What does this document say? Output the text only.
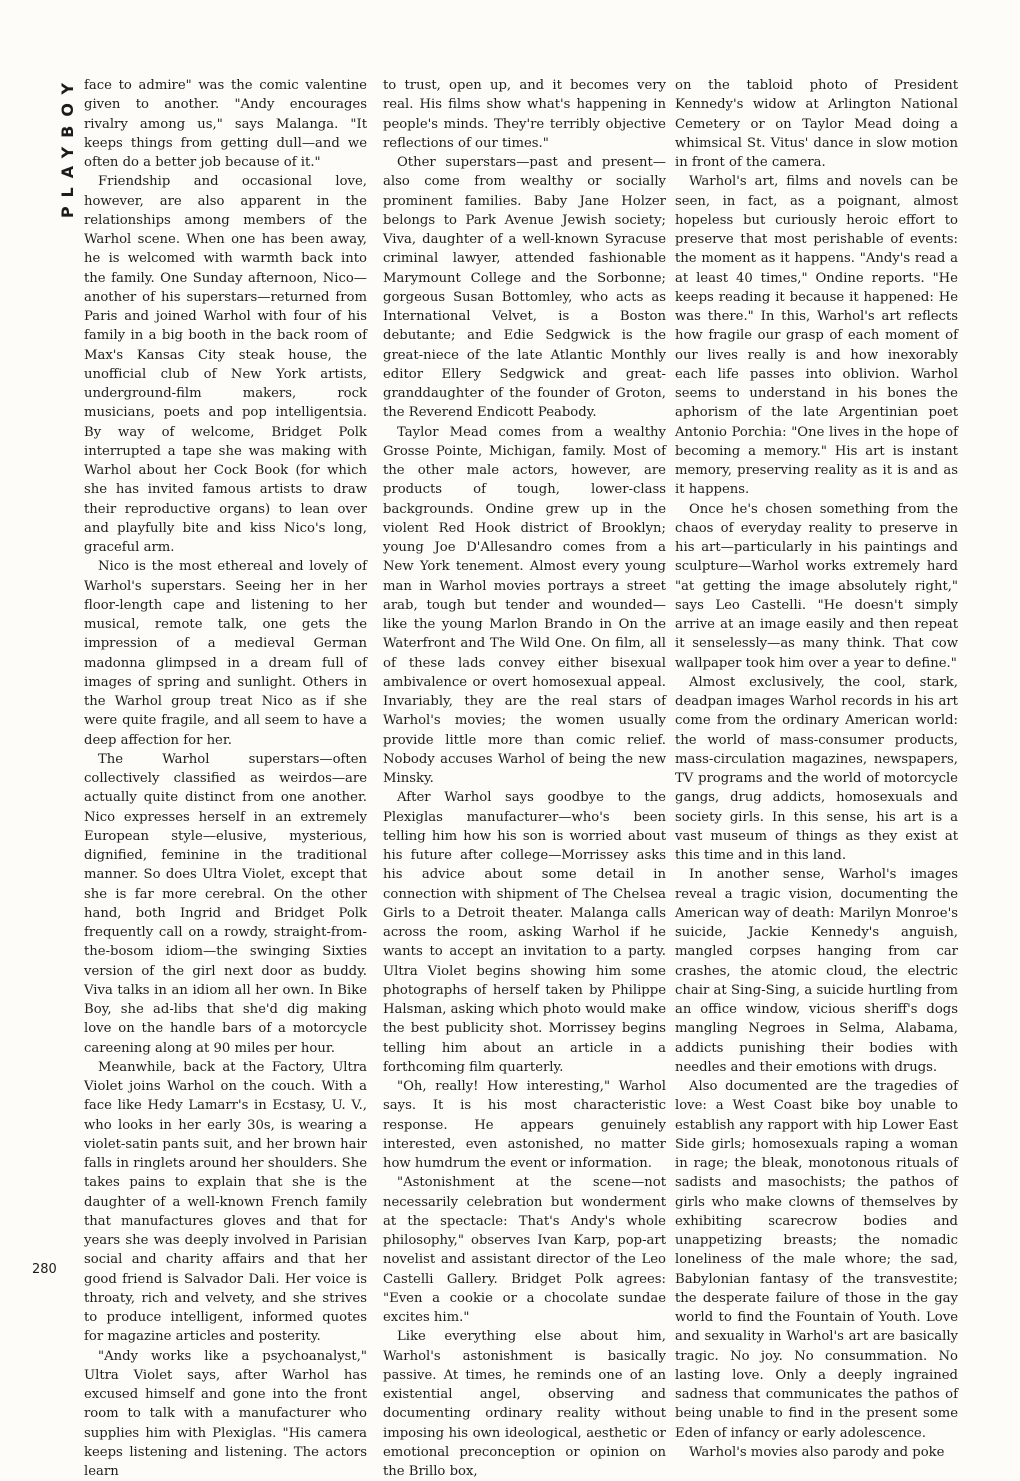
PLAYBOY
280

face to admire" was the comic valentine given to another. "Andy encourages rivalry among us," says Malanga. "It keeps things from getting dull—and we often do a better job because of it."

Friendship and occasional love, however, are also apparent in the relationships among members of the Warhol scene. When one has been away, he is welcomed with warmth back into the family. One Sunday afternoon, Nico—another of his superstars—returned from Paris and joined Warhol with four of his family in a big booth in the back room of Max's Kansas City steak house, the unofficial club of New York artists, underground-film makers, rock musicians, poets and pop intelligentsia. By way of welcome, Bridget Polk interrupted a tape she was making with Warhol about her Cock Book (for which she has invited famous artists to draw their reproductive organs) to lean over and playfully bite and kiss Nico's long, graceful arm.

Nico is the most ethereal and lovely of Warhol's superstars. Seeing her in her floor-length cape and listening to her musical, remote talk, one gets the impression of a medieval German madonna glimpsed in a dream full of images of spring and sunlight. Others in the Warhol group treat Nico as if she were quite fragile, and all seem to have a deep affection for her.

The Warhol superstars—often collectively classified as weirdos—are actually quite distinct from one another. Nico expresses herself in an extremely European style—elusive, mysterious, dignified, feminine in the traditional manner. So does Ultra Violet, except that she is far more cerebral. On the other hand, both Ingrid and Bridget Polk frequently call on a rowdy, straight-from-the-bosom idiom—the swinging Sixties version of the girl next door as buddy. Viva talks in an idiom all her own. In Bike Boy, she ad-libs that she'd dig making love on the handle bars of a motorcycle careening along at 90 miles per hour.

Meanwhile, back at the Factory, Ultra Violet joins Warhol on the couch. With a face like Hedy Lamarr's in Ecstasy, U. V., who looks in her early 30s, is wearing a violet-satin pants suit, and her brown hair falls in ringlets around her shoulders. She takes pains to explain that she is the daughter of a well-known French family that manufactures gloves and that for years she was deeply involved in Parisian social and charity affairs and that her good friend is Salvador Dali. Her voice is throaty, rich and velvety, and she strives to produce intelligent, informed quotes for magazine articles and posterity.

"Andy works like a psychoanalyst," Ultra Violet says, after Warhol has excused himself and gone into the front room to talk with a manufacturer who supplies him with Plexiglas. "His camera keeps listening and listening. The actors learn

to trust, open up, and it becomes very real. His films show what's happening in people's minds. They're terribly objective reflections of our times."

Other superstars—past and present—also come from wealthy or socially prominent families. Baby Jane Holzer belongs to Park Avenue Jewish society; Viva, daughter of a well-known Syracuse criminal lawyer, attended fashionable Marymount College and the Sorbonne; gorgeous Susan Bottomley, who acts as International Velvet, is a Boston debutante; and Edie Sedgwick is the great-niece of the late Atlantic Monthly editor Ellery Sedgwick and great-granddaughter of the founder of Groton, the Reverend Endicott Peabody.

Taylor Mead comes from a wealthy Grosse Pointe, Michigan, family. Most of the other male actors, however, are products of tough, lower-class backgrounds. Ondine grew up in the violent Red Hook district of Brooklyn; young Joe D'Allesandro comes from a New York tenement. Almost every young man in Warhol movies portrays a street arab, tough but tender and wounded—like the young Marlon Brando in On the Waterfront and The Wild One. On film, all of these lads convey either bisexual ambivalence or overt homosexual appeal. Invariably, they are the real stars of Warhol's movies; the women usually provide little more than comic relief. Nobody accuses Warhol of being the new Minsky.

After Warhol says goodbye to the Plexiglas manufacturer—who's been telling him how his son is worried about his future after college—Morrissey asks his advice about some detail in connection with shipment of The Chelsea Girls to a Detroit theater. Malanga calls across the room, asking Warhol if he wants to accept an invitation to a party. Ultra Violet begins showing him some photographs of herself taken by Philippe Halsman, asking which photo would make the best publicity shot. Morrissey begins telling him about an article in a forthcoming film quarterly.

"Oh, really! How interesting," Warhol says. It is his most characteristic response. He appears genuinely interested, even astonished, no matter how humdrum the event or information.

"Astonishment at the scene—not necessarily celebration but wonderment at the spectacle: That's Andy's whole philosophy," observes Ivan Karp, pop-art novelist and assistant director of the Leo Castelli Gallery. Bridget Polk agrees: "Even a cookie or a chocolate sundae excites him."

Like everything else about him, Warhol's astonishment is basically passive. At times, he reminds one of an existential angel, observing and documenting ordinary reality without imposing his own ideological, aesthetic or emotional preconception or opinion on the Brillo box,

on the tabloid photo of President Kennedy's widow at Arlington National Cemetery or on Taylor Mead doing a whimsical St. Vitus' dance in slow motion in front of the camera.

Warhol's art, films and novels can be seen, in fact, as a poignant, almost hopeless but curiously heroic effort to preserve that most perishable of events: the moment as it happens. "Andy's read a at least 40 times," Ondine reports. "He keeps reading it because it happened: He was there." In this, Warhol's art reflects how fragile our grasp of each moment of our lives really is and how inexorably each life passes into oblivion. Warhol seems to understand in his bones the aphorism of the late Argentinian poet Antonio Porchia: "One lives in the hope of becoming a memory." His art is instant memory, preserving reality as it is and as it happens.

Once he's chosen something from the chaos of everyday reality to preserve in his art—particularly in his paintings and sculpture—Warhol works extremely hard "at getting the image absolutely right," says Leo Castelli. "He doesn't simply arrive at an image easily and then repeat it senselessly—as many think. That cow wallpaper took him over a year to define."

Almost exclusively, the cool, stark, deadpan images Warhol records in his art come from the ordinary American world: the world of mass-consumer products, mass-circulation magazines, newspapers, TV programs and the world of motorcycle gangs, drug addicts, homosexuals and society girls. In this sense, his art is a vast museum of things as they exist at this time and in this land.

In another sense, Warhol's images reveal a tragic vision, documenting the American way of death: Marilyn Monroe's suicide, Jackie Kennedy's anguish, mangled corpses hanging from car crashes, the atomic cloud, the electric chair at Sing-Sing, a suicide hurtling from an office window, vicious sheriff's dogs mangling Negroes in Selma, Alabama, addicts punishing their bodies with needles and their emotions with drugs.

Also documented are the tragedies of love: a West Coast bike boy unable to establish any rapport with hip Lower East Side girls; homosexuals raping a woman in rage; the bleak, monotonous rituals of sadists and masochists; the pathos of girls who make clowns of themselves by exhibiting scarecrow bodies and unappetizing breasts; the nomadic loneliness of the male whore; the sad, Babylonian fantasy of the transvestite; the desperate failure of those in the gay world to find the Fountain of Youth. Love and sexuality in Warhol's art are basically tragic. No joy. No consummation. No lasting love. Only a deeply ingrained sadness that communicates the pathos of being unable to find in the present some Eden of infancy or early adolescence.

Warhol's movies also parody and poke
